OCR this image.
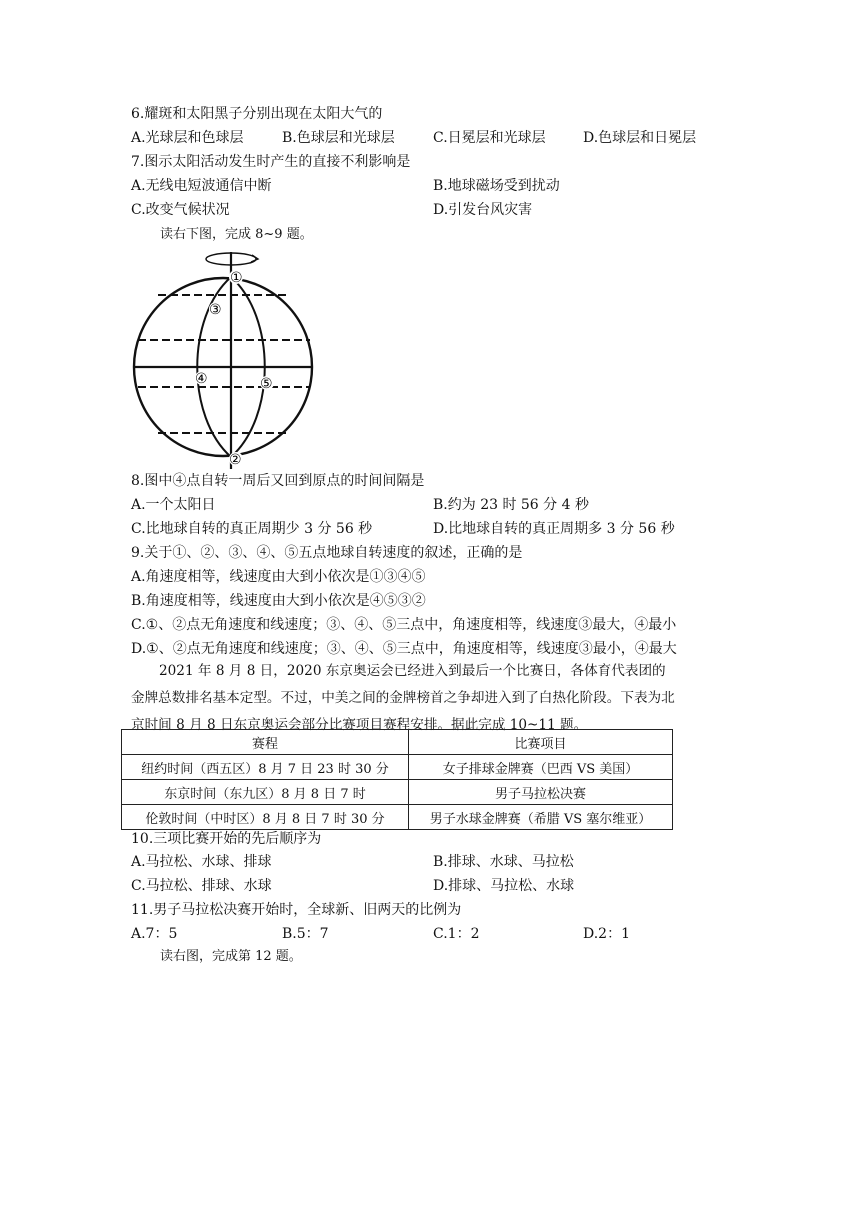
6.耀斑和太阳黑子分别出现在太阳大气的
A.光球层和色球层	B.色球层和光球层	C.日冕层和光球层	D.色球层和日冕层
7.图示太阳活动发生时产生的直接不利影响是
A.无线电短波通信中断	B.地球磁场受到扰动
C.改变气候状况	D.引发台风灾害
读右下图，完成 8~9 题。
①
③
④	⑤
②
8.图中④点自转一周后又回到原点的时间间隔是
A.一个太阳日	B.约为 23 时 56 分 4 秒
C.比地球自转的真正周期少 3 分 56 秒	D.比地球自转的真正周期多 3 分 56 秒
9.关于①、②、③、④、⑤五点地球自转速度的叙述，正确的是
A.角速度相等，线速度由大到小依次是①③④⑤
B.角速度相等，线速度由大到小依次是④⑤③②
C.①、②点无角速度和线速度；③、④、⑤三点中，角速度相等，线速度③最大，④最小
D.①、②点无角速度和线速度；③、④、⑤三点中，角速度相等，线速度③最小，④最大
2021 年 8 月 8 日，2020 东京奥运会已经进入到最后一个比赛日，各体育代表团的金牌总数排名基本定型。不过，中美之间的金牌榜首之争却进入到了白热化阶段。下表为北京时间 8 月 8 日东京奥运会部分比赛项目赛程安排。据此完成 10~11 题。
赛程	比赛项目
纽约时间（西五区）8 月 7 日 23 时 30 分	女子排球金牌赛（巴西 VS 美国）
东京时间（东九区）8 月 8 日 7 时	男子马拉松决赛
伦敦时间（中时区）8 月 8 日 7 时 30 分	男子水球金牌赛（希腊 VS 塞尔维亚）
10.三项比赛开始的先后顺序为
A.马拉松、水球、排球	B.排球、水球、马拉松
C.马拉松、排球、水球	D.排球、马拉松、水球
11.男子马拉松决赛开始时，全球新、旧两天的比例为
A.7：5	B.5：7	C.1：2	D.2：1
读右图，完成第 12 题。
